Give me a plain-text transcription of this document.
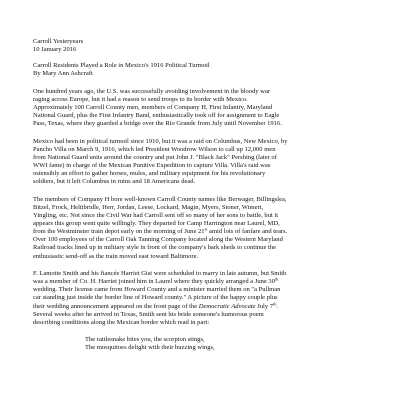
Carroll Yesteryears
10 January 2016
Carroll Residents Played a Role in Mexico's 1916 Political Turmoil
By Mary Ann Ashcraft
One hundred years ago, the U.S. was successfully avoiding involvement in the bloody war
raging across Europe, but it had a reason to send troops to its border with Mexico.
Approximately 100 Carroll County men, members of Company H, First Infantry, Maryland
National Guard, plus the First Infantry Band, enthusiastically took off for assignment to Eagle
Pass, Texas, where they guarded a bridge over the Rio Grande from July until November 1916.
Mexico had been in political turmoil since 1910, but it was a raid on Columbus, New Mexico, by
Pancho Villa on March 9, 1916, which led President Woodrow Wilson to call up 12,000 men
from National Guard units around the country and put John J. "Black Jack" Pershing (later of
WWI fame) in charge of the Mexican Punitive Expedition to capture Villa. Villa's raid was
ostensibly an effort to gather horses, mules, and military equipment for his revolutionary
soldiers, but it left Columbus in ruins and 18 Americans dead.
The members of Company H bore well-known Carroll County names like Berwager, Billingslea,
Bitzel, Frock, Heltibridle, Herr, Jordan, Leese, Lockard, Magin, Myers, Stoner, Wimert,
Yingling, etc. Not since the Civil War had Carroll sent off so many of her sons to battle, but it
appears this group went quite willingly. They departed for Camp Harrington near Laurel, MD,
from the Westminster train depot early on the morning of June 21st amid lots of fanfare and tears.
Over 100 employees of the Carroll Oak Tanning Company located along the Western Maryland
Railroad tracks lined up in military style in front of the company's bark sheds to continue the
enthusiastic send-off as the train moved east toward Baltimore.
F. Lamotte Smith and his fiancée Harriet Gist were scheduled to marry in late autumn, but Smith
was a member of Co. H. Harriet joined him in Laurel where they quickly arranged a June 30th
wedding. Their license came from Howard County and a minister married them on "a Pullman
car standing just inside the border line of Howard county." A picture of the happy couple plus
their wedding announcement appeared on the front page of the Democratic Advocate July 7th.
Several weeks after he arrived in Texas, Smith sent his bride someone's humorous poem
describing conditions along the Mexican border which read in part:
The rattlesnake bites you, the scorpion stings,
The mosquitoes delight with their buzzing wings,
